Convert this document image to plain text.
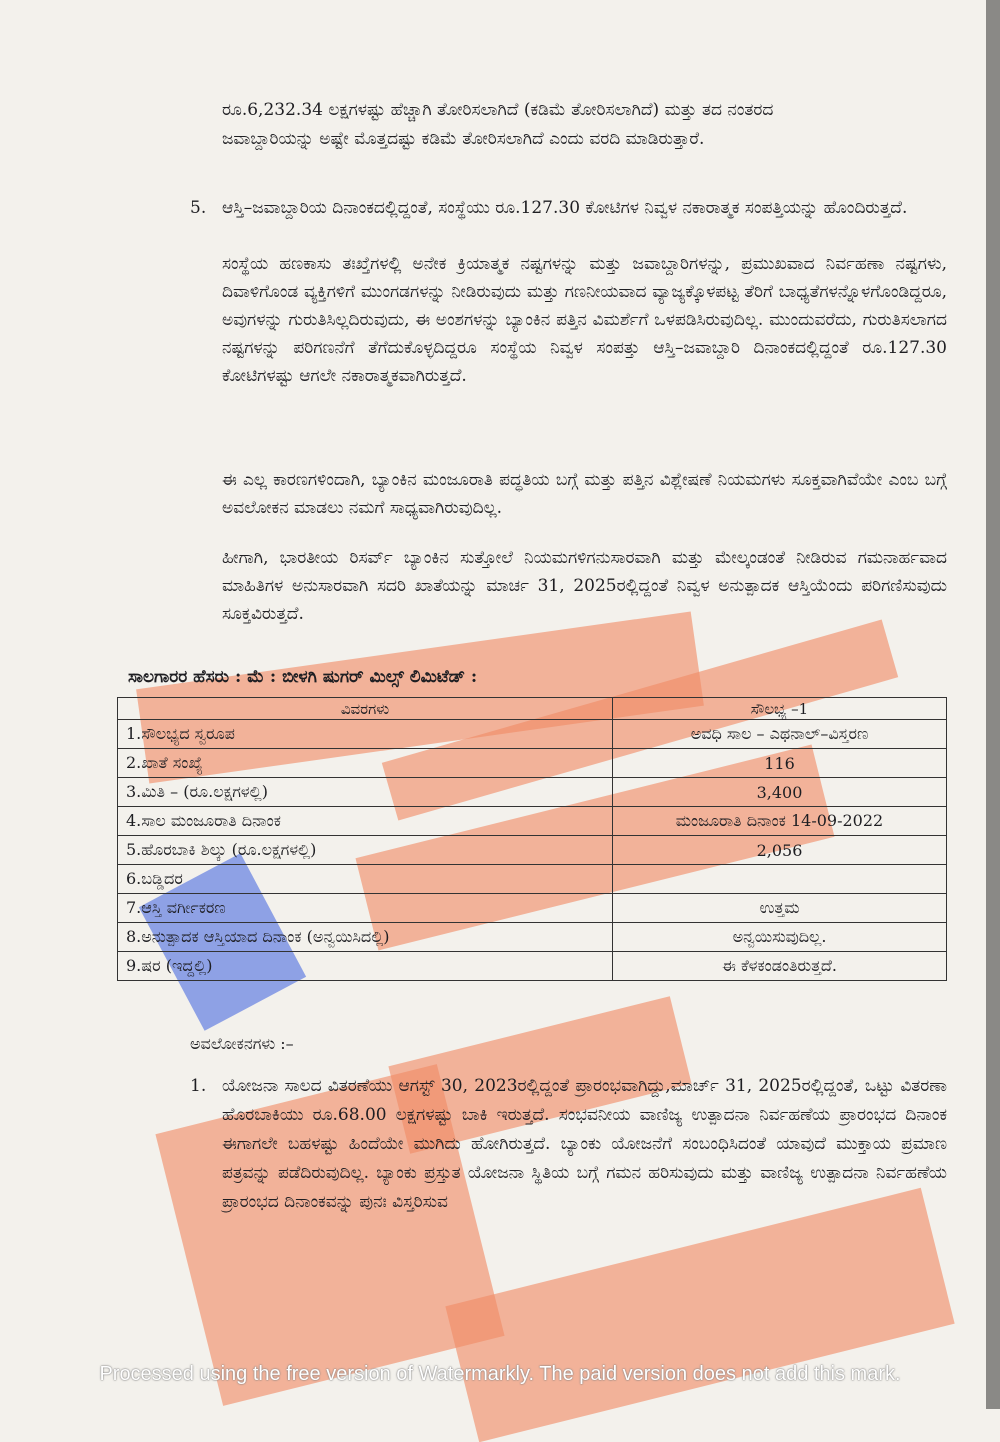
ರೂ.6,232.34 ಲಕ್ಷಗಳಷ್ಟು ಹೆಚ್ಚಾಗಿ ತೋರಿಸಲಾಗಿದೆ (ಕಡಿಮೆ ತೋರಿಸಲಾಗಿದೆ) ಮತ್ತು ತದ ನಂತರದ
ಜವಾಬ್ದಾರಿಯನ್ನು ಅಷ್ಟೇ ಮೊತ್ತದಷ್ಟು ಕಡಿಮೆ ತೋರಿಸಲಾಗಿದೆ ಎಂದು ವರದಿ ಮಾಡಿರುತ್ತಾರೆ.
5. ಆಸ್ತಿ–ಜವಾಬ್ದಾರಿಯ ದಿನಾಂಕದಲ್ಲಿದ್ದಂತೆ, ಸಂಸ್ಥೆಯು ರೂ.127.30 ಕೋಟಿಗಳ ನಿವ್ವಳ ನಕಾರಾತ್ಮಕ ಸಂಪತ್ತಿಯನ್ನು ಹೊಂದಿರುತ್ತದೆ.
ಸಂಸ್ಥೆಯ ಹಣಕಾಸು ತಃಖ್ತೆಗಳಲ್ಲಿ ಅನೇಕ ಕ್ರಿಯಾತ್ಮಕ ನಷ್ಟಗಳನ್ನು ಮತ್ತು ಜವಾಬ್ದಾರಿಗಳನ್ನು, ಪ್ರಮುಖವಾದ ನಿರ್ವಹಣಾ ನಷ್ಟಗಳು, ದಿವಾಳಿಗೊಂಡ ವ್ಯಕ್ತಿಗಳಿಗೆ ಮುಂಗಡಗಳನ್ನು ನೀಡಿರುವುದು ಮತ್ತು ಗಣನೀಯವಾದ ವ್ಯಾಜ್ಯಕ್ಕೊಳಪಟ್ಟ ತೆರಿಗೆ ಬಾಧ್ಯತೆಗಳನ್ನೊಳಗೊಂಡಿದ್ದರೂ, ಅವುಗಳನ್ನು ಗುರುತಿಸಿಲ್ಲದಿರುವುದು, ಈ ಅಂಶಗಳನ್ನು ಬ್ಯಾಂಕಿನ ಪತ್ತಿನ ವಿಮರ್ಶೆಗೆ ಒಳಪಡಿಸಿರುವುದಿಲ್ಲ. ಮುಂದುವರೆದು, ಗುರುತಿಸಲಾಗದ ನಷ್ಟಗಳನ್ನು ಪರಿಗಣನೆಗೆ ತೆಗೆದುಕೊಳ್ಳದಿದ್ದರೂ ಸಂಸ್ಥೆಯ ನಿವ್ವಳ ಸಂಪತ್ತು ಆಸ್ತಿ–ಜವಾಬ್ದಾರಿ ದಿನಾಂಕದಲ್ಲಿದ್ದಂತೆ ರೂ.127.30 ಕೋಟಿಗಳಷ್ಟು ಆಗಲೇ ನಕಾರಾತ್ಮಕವಾಗಿರುತ್ತದೆ.
ಈ ಎಲ್ಲ ಕಾರಣಗಳಿಂದಾಗಿ, ಬ್ಯಾಂಕಿನ ಮಂಜೂರಾತಿ ಪದ್ಧತಿಯ ಬಗ್ಗೆ ಮತ್ತು ಪತ್ತಿನ ವಿಶ್ಲೇಷಣೆ ನಿಯಮಗಳು ಸೂಕ್ತವಾಗಿವೆಯೇ ಎಂಬ ಬಗ್ಗೆ ಅವಲೋಕನ ಮಾಡಲು ನಮಗೆ ಸಾಧ್ಯವಾಗಿರುವುದಿಲ್ಲ.
ಹೀಗಾಗಿ, ಭಾರತೀಯ ರಿಸರ್ವ್ ಬ್ಯಾಂಕಿನ ಸುತ್ತೋಲೆ ನಿಯಮಗಳಿಗನುಸಾರವಾಗಿ ಮತ್ತು ಮೇಲ್ಕಂಡಂತೆ ನೀಡಿರುವ ಗಮನಾರ್ಹವಾದ ಮಾಹಿತಿಗಳ ಅನುಸಾರವಾಗಿ ಸದರಿ ಖಾತೆಯನ್ನು ಮಾರ್ಚ 31, 2025ರಲ್ಲಿದ್ದಂತೆ ನಿವ್ವಳ ಅನುತ್ಪಾದಕ ಆಸ್ತಿಯೆಂದು ಪರಿಗಣಿಸುವುದು ಸೂಕ್ತವಿರುತ್ತದೆ.
ಸಾಲಗಾರರ ಹೆಸರು : ಮೆ : ಬೀಳಗಿ ಷುಗರ್ ಮಿಲ್ಸ್ ಲಿಮಿಟೆಡ್ :
ವಿವರಗಳು	ಸೌಲಭ್ಯ –1
1.ಸೌಲಭ್ಯದ ಸ್ವರೂಪ	ಅವಧಿ ಸಾಲ – ಎಥನಾಲ್–ವಿಸ್ತರಣ
2.ಖಾತೆ ಸಂಖ್ಯೆ	116
3.ಮಿತಿ – (ರೂ.ಲಕ್ಷಗಳಲ್ಲಿ)	3,400
4.ಸಾಲ ಮಂಜೂರಾತಿ ದಿನಾಂಕ	ಮಂಜೂರಾತಿ ದಿನಾಂಕ 14-09-2022
5.ಹೊರಬಾಕಿ ಶಿಲ್ಕು (ರೂ.ಲಕ್ಷಗಳಲ್ಲಿ)	2,056
6.ಬಡ್ಡಿದರ	
7.ಆಸ್ತಿ ವರ್ಗೀಕರಣ	ಉತ್ತಮ
8.ಅನುತ್ಪಾದಕ ಆಸ್ತಿಯಾದ ದಿನಾಂಕ (ಅನ್ವಯಿಸಿದಲ್ಲಿ)	ಅನ್ವಯಿಸುವುದಿಲ್ಲ.
9.ಷರ (ಇದ್ದಲ್ಲಿ)	ಈ ಕೆಳಕಂಡಂತಿರುತ್ತದೆ.
ಅವಲೋಕನಗಳು :–
1. ಯೋಜನಾ ಸಾಲದ ವಿತರಣೆಯು ಆಗಸ್ಟ್ 30, 2023ರಲ್ಲಿದ್ದಂತೆ ಪ್ರಾರಂಭವಾಗಿದ್ದು,ಮಾರ್ಚ್ 31, 2025ರಲ್ಲಿದ್ದಂತೆ, ಒಟ್ಟು ವಿತರಣಾ ಹೊರಬಾಕಿಯು ರೂ.68.00 ಲಕ್ಷಗಳಷ್ಟು ಬಾಕಿ ಇರುತ್ತದೆ. ಸಂಭವನೀಯ ವಾಣಿಜ್ಯ ಉತ್ಪಾದನಾ ನಿರ್ವಹಣೆಯ ಪ್ರಾರಂಭದ ದಿನಾಂಕ ಈಗಾಗಲೇ ಬಹಳಷ್ಟು ಹಿಂದೆಯೇ ಮುಗಿದು ಹೋಗಿರುತ್ತದೆ. ಬ್ಯಾಂಕು ಯೋಜನೆಗೆ ಸಂಬಂಧಿಸಿದಂತೆ ಯಾವುದೆ ಮುಕ್ತಾಯ ಪ್ರಮಾಣ ಪತ್ರವನ್ನು ಪಡೆದಿರುವುದಿಲ್ಲ. ಬ್ಯಾಂಕು ಪ್ರಸ್ತುತ ಯೋಜನಾ ಸ್ಥಿತಿಯ ಬಗ್ಗೆ ಗಮನ ಹರಿಸುವುದು ಮತ್ತು ವಾಣಿಜ್ಯ ಉತ್ಪಾದನಾ ನಿರ್ವಹಣೆಯ ಪ್ರಾರಂಭದ ದಿನಾಂಕವನ್ನು ಪುನಃ ವಿಸ್ತರಿಸುವ
Processed using the free version of Watermarkly. The paid version does not add this mark.
